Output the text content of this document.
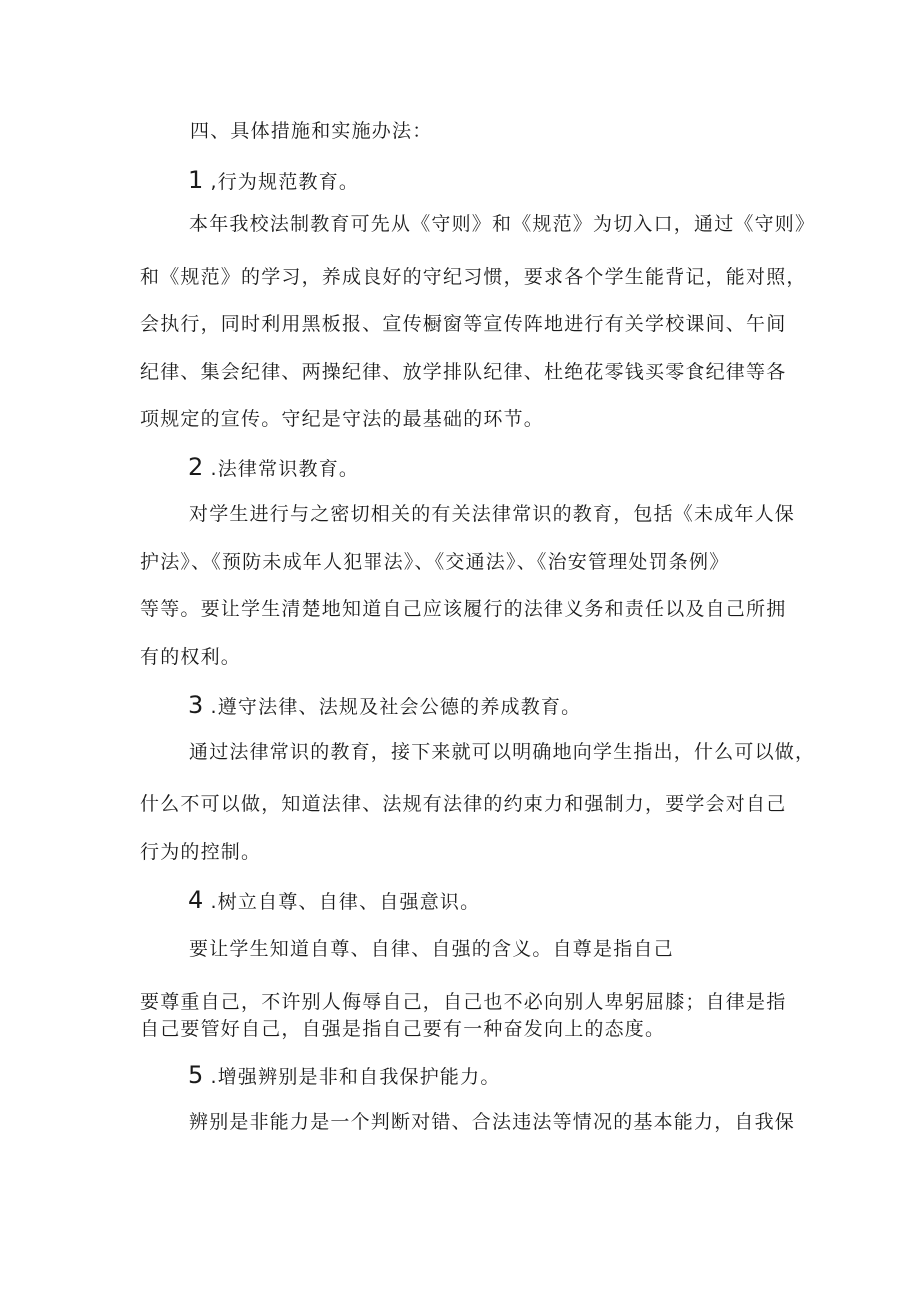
四、具体措施和实施办法：
1 ,行为规范教育。
本年我校法制教育可先从《守则》和《规范》为切入口，通过《守则》
和《规范》的学习，养成良好的守纪习惯，要求各个学生能背记，能对照，
会执行，同时利用黑板报、宣传橱窗等宣传阵地进行有关学校课间、午间
纪律、集会纪律、两操纪律、放学排队纪律、杜绝花零钱买零食纪律等各
项规定的宣传。守纪是守法的最基础的环节。
2 .法律常识教育。
对学生进行与之密切相关的有关法律常识的教育，包括《未成年人保
护法》、《预防未成年人犯罪法》、《交通法》、《治安管理处罚条例》
等等。要让学生清楚地知道自己应该履行的法律义务和责任以及自己所拥
有的权利。
3 .遵守法律、法规及社会公德的养成教育。
通过法律常识的教育，接下来就可以明确地向学生指出，什么可以做，
什么不可以做，知道法律、法规有法律的约束力和强制力，要学会对自己
行为的控制。
4 .树立自尊、自律、自强意识。
要让学生知道自尊、自律、自强的含义。自尊是指自己
要尊重自己，不许别人侮辱自己，自己也不必向别人卑躬屈膝；自律是指
自己要管好自己，自强是指自己要有一种奋发向上的态度。
5 .增强辨别是非和自我保护能力。
辨别是非能力是一个判断对错、合法违法等情况的基本能力，自我保
